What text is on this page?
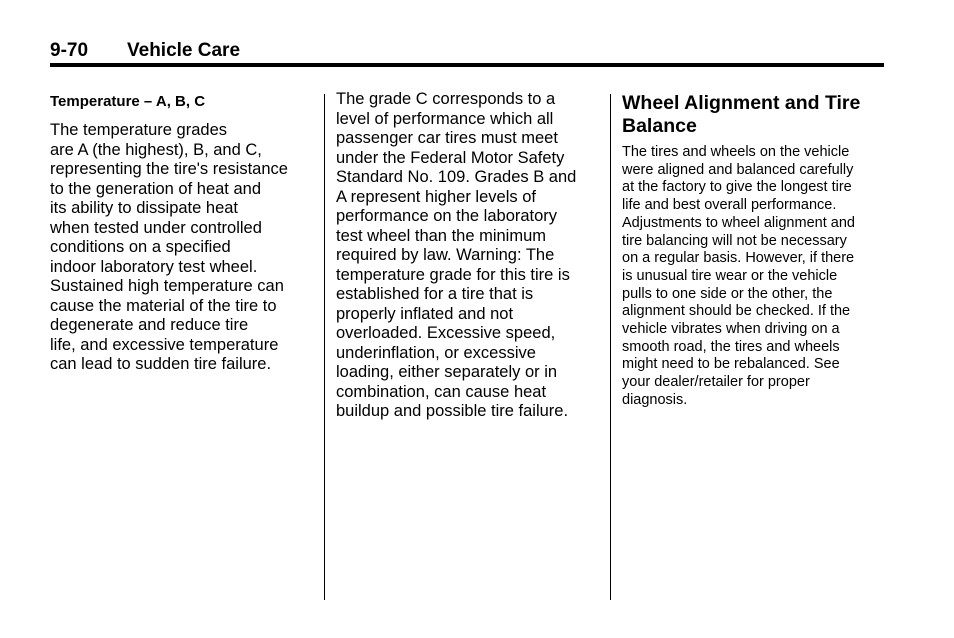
9-70 Vehicle Care
Temperature – A, B, C

The temperature grades
are A (the highest), B, and C,
representing the tire's resistance
to the generation of heat and
its ability to dissipate heat
when tested under controlled
conditions on a specified
indoor laboratory test wheel.
Sustained high temperature can
cause the material of the tire to
degenerate and reduce tire
life, and excessive temperature
can lead to sudden tire failure.

The grade C corresponds to a
level of performance which all
passenger car tires must meet
under the Federal Motor Safety
Standard No. 109. Grades B and
A represent higher levels of
performance on the laboratory
test wheel than the minimum
required by law. Warning: The
temperature grade for this tire is
established for a tire that is
properly inflated and not
overloaded. Excessive speed,
underinflation, or excessive
loading, either separately or in
combination, can cause heat
buildup and possible tire failure.

Wheel Alignment and Tire Balance

The tires and wheels on the vehicle
were aligned and balanced carefully
at the factory to give the longest tire
life and best overall performance.
Adjustments to wheel alignment and
tire balancing will not be necessary
on a regular basis. However, if there
is unusual tire wear or the vehicle
pulls to one side or the other, the
alignment should be checked. If the
vehicle vibrates when driving on a
smooth road, the tires and wheels
might need to be rebalanced. See
your dealer/retailer for proper
diagnosis.
